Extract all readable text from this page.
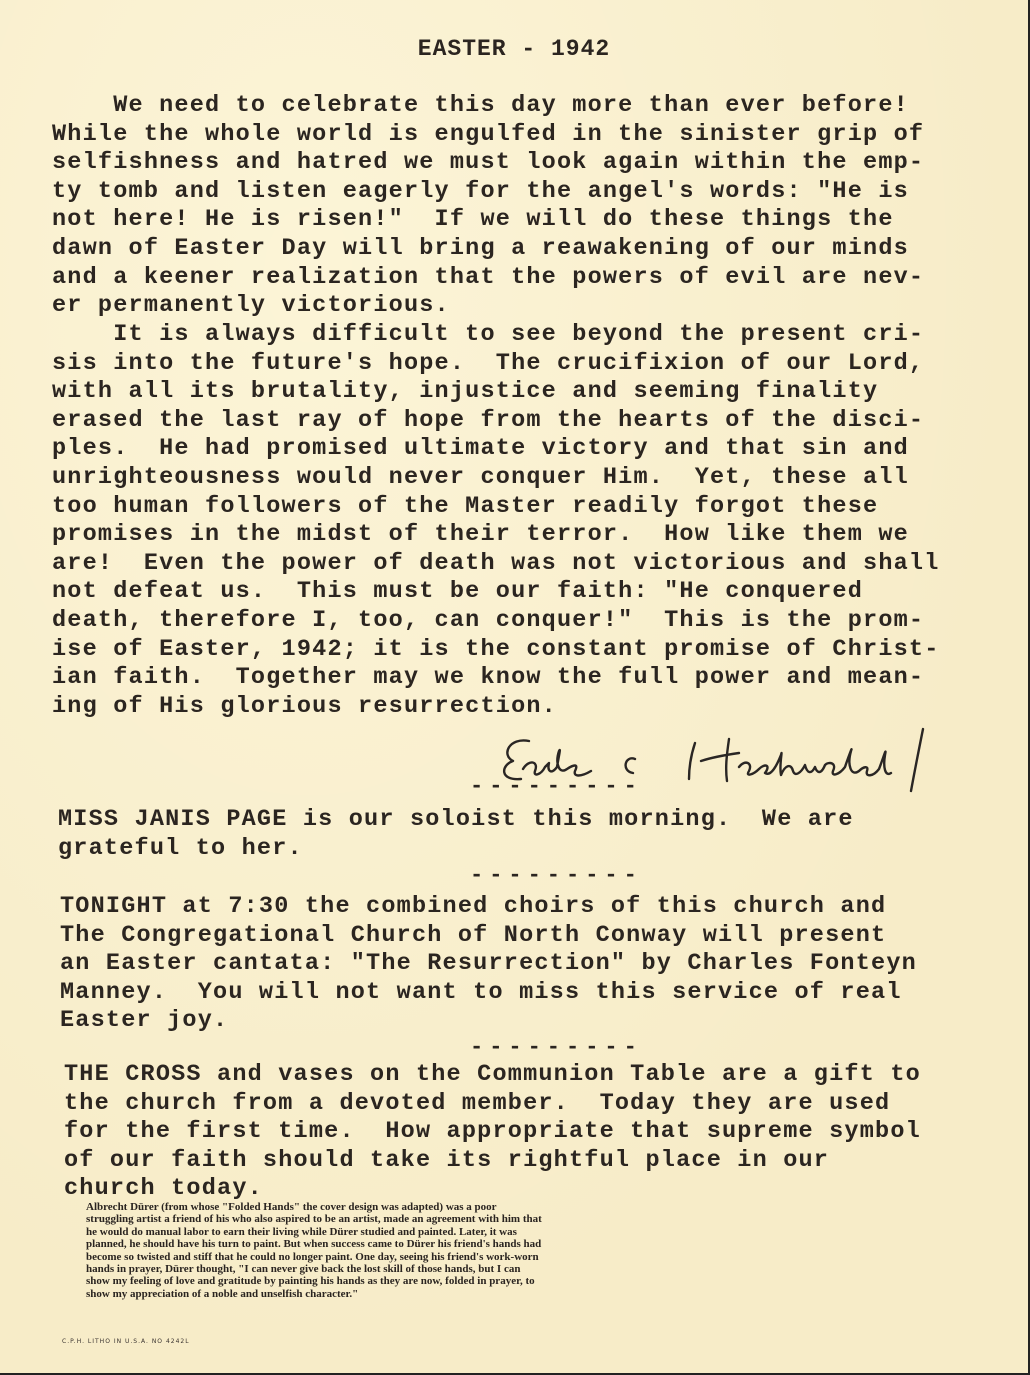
EASTER - 1942
We need to celebrate this day more than ever before!
While the whole world is engulfed in the sinister grip of
selfishness and hatred we must look again within the emp-
ty tomb and listen eagerly for the angel's words: "He is
not here! He is risen!"  If we will do these things the
dawn of Easter Day will bring a reawakening of our minds
and a keener realization that the powers of evil are nev-
er permanently victorious.
It is always difficult to see beyond the present cri-
sis into the future's hope.  The crucifixion of our Lord,
with all its brutality, injustice and seeming finality
erased the last ray of hope from the hearts of the disci-
ples.  He had promised ultimate victory and that sin and
unrighteousness would never conquer Him.  Yet, these all
too human followers of the Master readily forgot these
promises in the midst of their terror.  How like them we
are!  Even the power of death was not victorious and shall
not defeat us.  This must be our faith: "He conquered
death, therefore I, too, can conquer!"  This is the prom-
ise of Easter, 1942; it is the constant promise of Christ-
ian faith.  Together may we know the full power and mean-
ing of His glorious resurrection.
---------
MISS JANIS PAGE is our soloist this morning.  We are
grateful to her.
---------
TONIGHT at 7:30 the combined choirs of this church and
The Congregational Church of North Conway will present
an Easter cantata: "The Resurrection" by Charles Fonteyn
Manney.  You will not want to miss this service of real
Easter joy.
---------
THE CROSS and vases on the Communion Table are a gift to
the church from a devoted member.  Today they are used
for the first time.  How appropriate that supreme symbol
of our faith should take its rightful place in our
church today.
Albrecht Dürer (from whose "Folded Hands" the cover design was adapted) was a poor
struggling artist a friend of his who also aspired to be an artist, made an agreement with him that
he would do manual labor to earn their living while Dürer studied and painted. Later, it was
planned, he should have his turn to paint. But when success came to Dürer his friend's hands had
become so twisted and stiff that he could no longer paint. One day, seeing his friend's work-worn
hands in prayer, Dürer thought, "I can never give back the lost skill of those hands, but I can
show my feeling of love and gratitude by painting his hands as they are now, folded in prayer, to
show my appreciation of a noble and unselfish character."
C.P.H. LITHO IN U.S.A. NO 4242L
